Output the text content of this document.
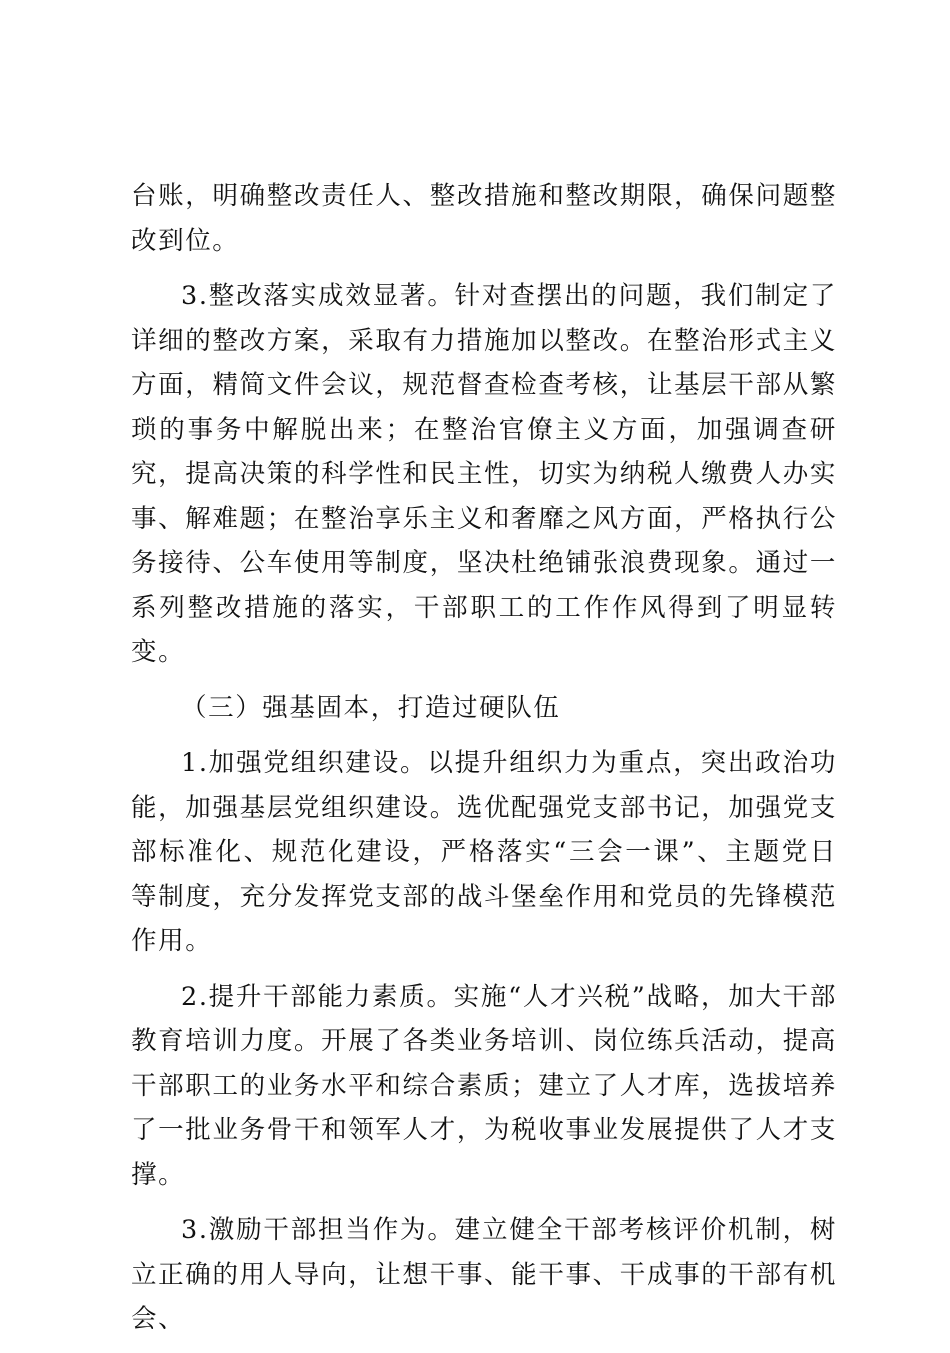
台账，明确整改责任人、整改措施和整改期限，确保问题整改到位。

3.整改落实成效显著。针对查摆出的问题，我们制定了详细的整改方案，采取有力措施加以整改。在整治形式主义方面，精简文件会议，规范督查检查考核，让基层干部从繁琐的事务中解脱出来；在整治官僚主义方面，加强调查研究，提高决策的科学性和民主性，切实为纳税人缴费人办实事、解难题；在整治享乐主义和奢靡之风方面，严格执行公务接待、公车使用等制度，坚决杜绝铺张浪费现象。通过一系列整改措施的落实，干部职工的工作作风得到了明显转变。

（三）强基固本，打造过硬队伍

1.加强党组织建设。以提升组织力为重点，突出政治功能，加强基层党组织建设。选优配强党支部书记，加强党支部标准化、规范化建设，严格落实“三会一课”、主题党日等制度，充分发挥党支部的战斗堡垒作用和党员的先锋模范作用。

2.提升干部能力素质。实施“人才兴税”战略，加大干部教育培训力度。开展了各类业务培训、岗位练兵活动，提高干部职工的业务水平和综合素质；建立了人才库，选拔培养了一批业务骨干和领军人才，为税收事业发展提供了人才支撑。

3.激励干部担当作为。建立健全干部考核评价机制，树立正确的用人导向，让想干事、能干事、干成事的干部有机会、
